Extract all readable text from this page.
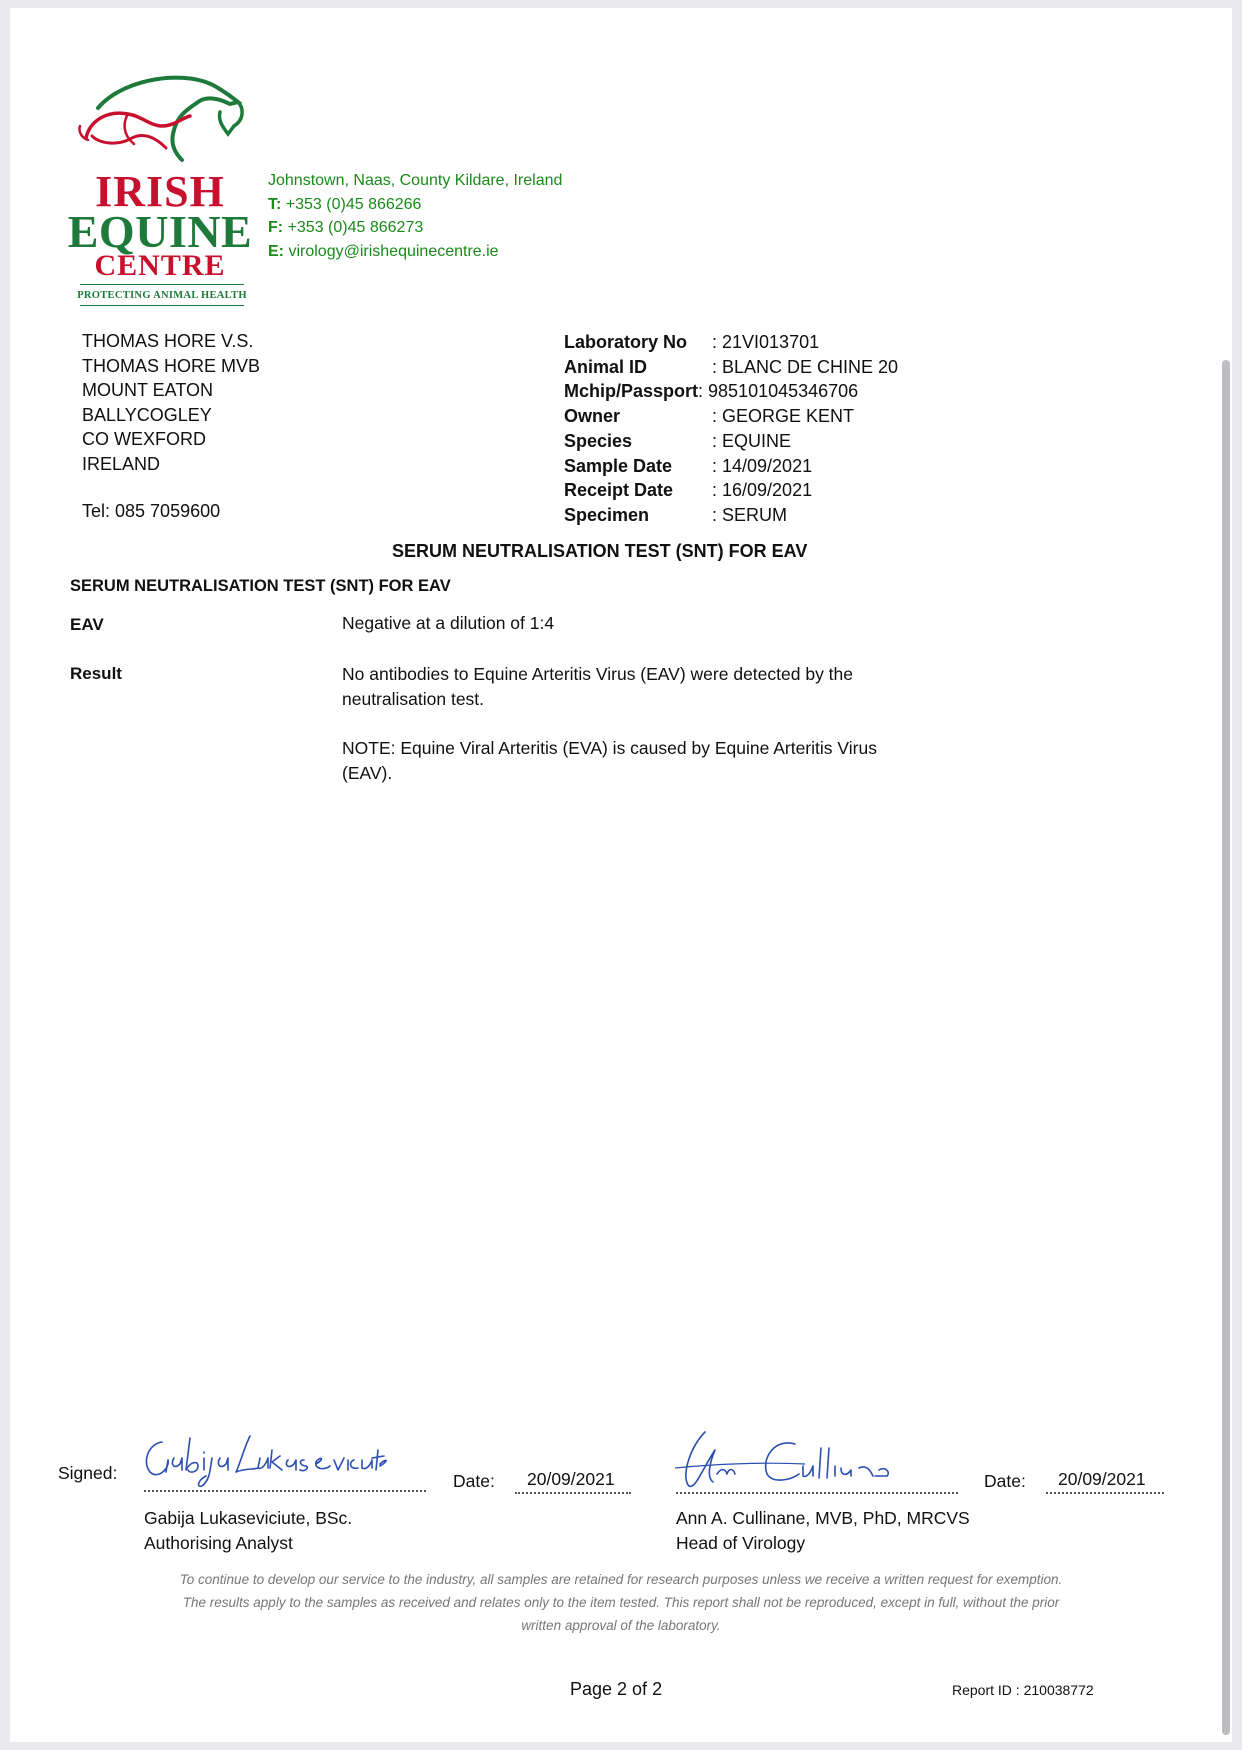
IRISH
EQUINE
CENTRE
PROTECTING ANIMAL HEALTH
Johnstown, Naas, County Kildare, Ireland
T: +353 (0)45 866266
F: +353 (0)45 866273
E: virology@irishequinecentre.ie
THOMAS HORE V.S.
THOMAS HORE MVB
MOUNT EATON
BALLYCOGLEY
CO WEXFORD
IRELAND
Tel: 085 7059600
Laboratory No	: 21VI013701
Animal ID	: BLANC DE CHINE 20
Mchip/Passport : 985101045346706
Owner	: GEORGE KENT
Species	: EQUINE
Sample Date	: 14/09/2021
Receipt Date	: 16/09/2021
Specimen	: SERUM
SERUM NEUTRALISATION TEST (SNT) FOR EAV
SERUM NEUTRALISATION TEST (SNT) FOR EAV
EAV	Negative at a dilution of 1:4
Result	No antibodies to Equine Arteritis Virus (EAV) were detected by the
neutralisation test.
NOTE: Equine Viral Arteritis (EVA) is caused by Equine Arteritis Virus
(EAV).
Signed:	Date: 20/09/2021
Gabija Lukaseviciute, BSc.
Authorising Analyst
Date: 20/09/2021
Ann A. Cullinane, MVB, PhD, MRCVS
Head of Virology
To continue to develop our service to the industry, all samples are retained for research purposes unless we receive a written request for exemption.
The results apply to the samples as received and relates only to the item tested. This report shall not be reproduced, except in full, without the prior
written approval of the laboratory.
Page 2 of 2	Report ID : 210038772
